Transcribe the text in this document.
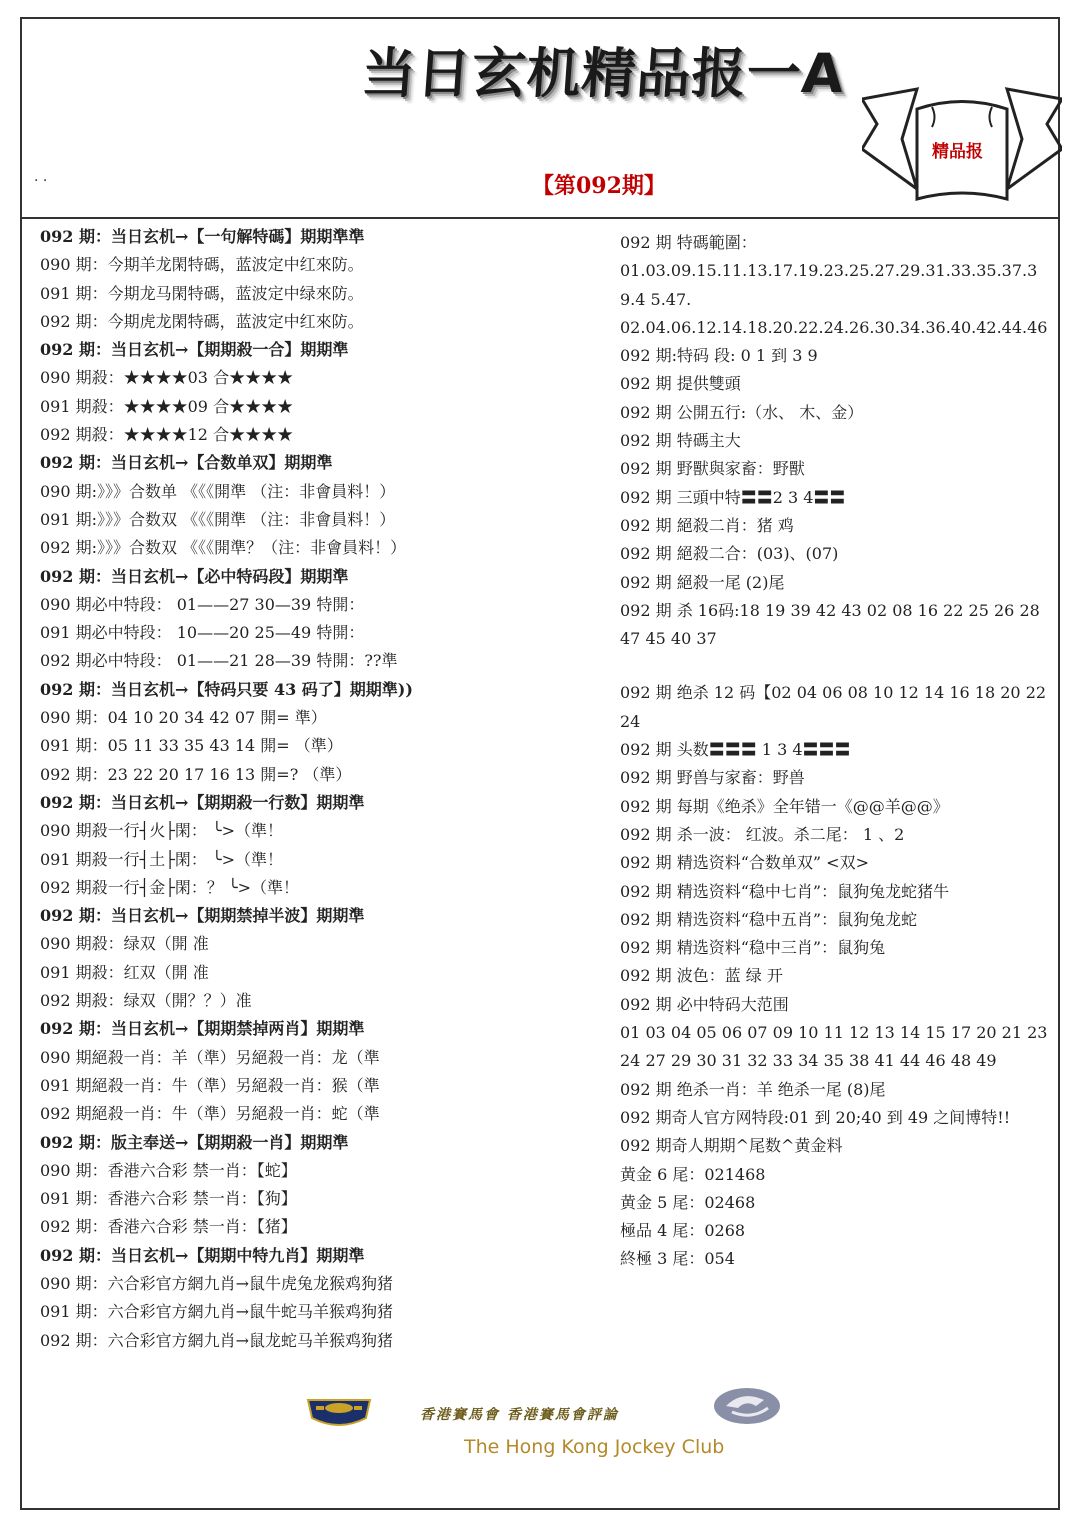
当日玄机精品报一A
. .	【第092期】
精品报
092 期：当日玄机→【一句解特碼】期期準準
090 期：今期羊龙閑特碼，蓝波定中红來防。
091 期：今期龙马閑特碼，蓝波定中绿來防。
092 期：今期虎龙閑特碼，蓝波定中红來防。
092 期：当日玄机→【期期殺一合】期期準
090 期殺：★★★★03 合★★★★
091 期殺：★★★★09 合★★★★
092 期殺：★★★★12 合★★★★
092 期：当日玄机→【合数单双】期期準
090 期:》》》合数单 《《《開準 （注：非會員料！）
091 期:》》》合数双 《《《開準 （注：非會員料！）
092 期:》》》合数双 《《《開準？（注：非會員料！）
092 期：当日玄机→【必中特码段】期期準
090 期必中特段： 01——27 30—39 特開：
091 期必中特段： 10——20 25—49 特開：
092 期必中特段： 01——21 28—39 特開：??準
092 期：当日玄机→【特码只要 43 码了】期期準))
090 期：04 10 20 34 42 07 開= 準）
091 期：05 11 33 35 43 14 開= （準）
092 期：23 22 20 17 16 13 開=? （準）
092 期：当日玄机→【期期殺一行数】期期準
090 期殺一行┤火├閑： ╰>（準！
091 期殺一行┤土├閑： ╰>（準！
092 期殺一行┤金├閑：？ ╰>（準！
092 期：当日玄机→【期期禁掉半波】期期準
090 期殺：绿双（開 准
091 期殺：红双（開 准
092 期殺：绿双（開？？）准
092 期：当日玄机→【期期禁掉两肖】期期準
090 期絕殺一肖：羊（準）另絕殺一肖：龙（準
091 期絕殺一肖：牛（準）另絕殺一肖：猴（準
092 期絕殺一肖：牛（準）另絕殺一肖：蛇（準
092 期：版主奉送→【期期殺一肖】期期準
090 期：香港六合彩 禁一肖：【蛇】
091 期：香港六合彩 禁一肖：【狗】
092 期：香港六合彩 禁一肖：【猪】
092 期：当日玄机→【期期中特九肖】期期準
090 期：六合彩官方網九肖→鼠牛虎兔龙猴鸡狗猪
091 期：六合彩官方網九肖→鼠牛蛇马羊猴鸡狗猪
092 期：六合彩官方網九肖→鼠龙蛇马羊猴鸡狗猪
092 期 特碼範圍：
01.03.09.15.11.13.17.19.23.25.27.29.31.33.35.37.39.4 5.47.
02.04.06.12.14.18.20.22.24.26.30.34.36.40.42.44.46
092 期:特码 段: 0 1 到 3 9
092 期 提供雙頭
092 期 公開五行:（水、 木、金）
092 期 特碼主大
092 期 野獸與家畜：野獸
092 期 三頭中特〓〓2 3 4〓〓
092 期 絕殺二肖：猪 鸡
092 期 絕殺二合：(03)、(07)
092 期 絕殺一尾 (2)尾
092 期 杀 16码:18 19 39 42 43 02 08 16 22 25 26 28 47 45 40 37
092 期 绝杀 12 码【02 04 06 08 10 12 14 16 18 20 22 24
092 期 头数〓〓〓 1 3 4〓〓〓
092 期 野兽与家畜：野兽
092 期 每期《绝杀》全年错一《@@羊@@》
092 期 杀一波： 红波。杀二尾： 1 、2
092 期 精选资料“合数单双” <双>
092 期 精选资料“稳中七肖”：鼠狗兔龙蛇猪牛
092 期 精选资料“稳中五肖”：鼠狗兔龙蛇
092 期 精选资料“稳中三肖”：鼠狗兔
092 期 波色：蓝 绿 开
092 期 必中特码大范围
01 03 04 05 06 07 09 10 11 12 13 14 15 17 20 21 23 24 27 29 30 31 32 33 34 35 38 41 44 46 48 49
092 期 绝杀一肖：羊 绝杀一尾 (8)尾
092 期奇人官方网特段:01 到 20;40 到 49 之间博特!!
092 期奇人期期^尾数^黄金料
黄金 6 尾：021468
黄金 5 尾：02468
極品 4 尾：0268
終極 3 尾：054
香港賽馬會 香港賽馬會評論
The Hong Kong Jockey Club
